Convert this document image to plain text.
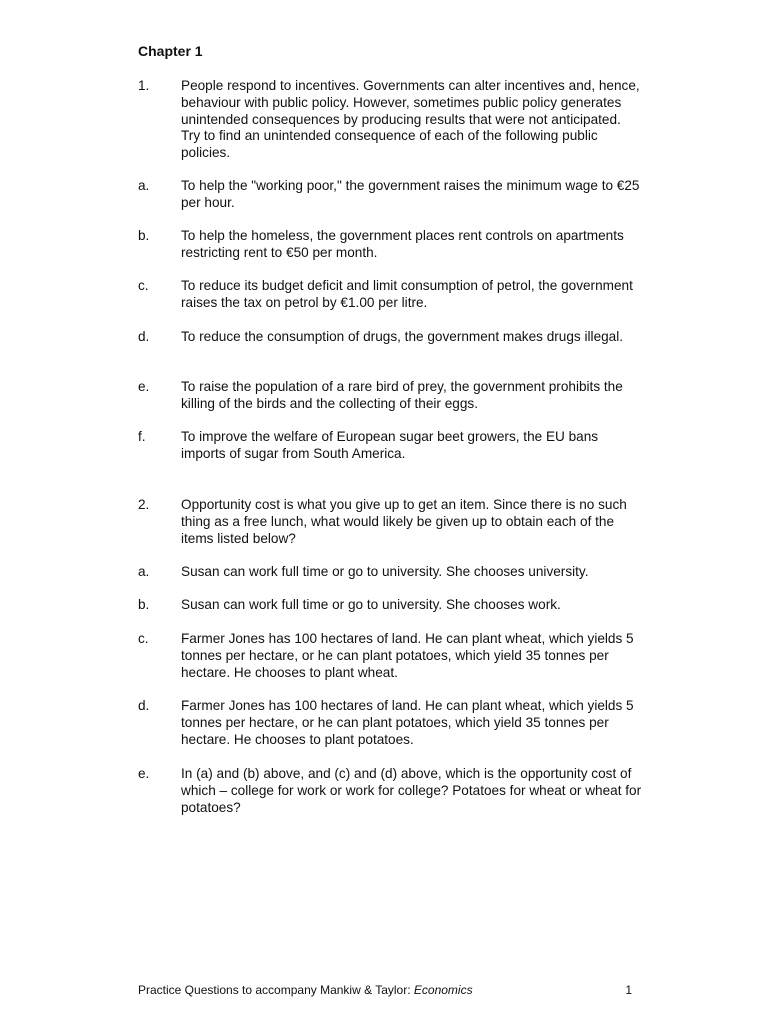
Chapter 1
1. People respond to incentives. Governments can alter incentives and, hence, behaviour with public policy. However, sometimes public policy generates unintended consequences by producing results that were not anticipated. Try to find an unintended consequence of each of the following public policies.
a. To help the "working poor," the government raises the minimum wage to €25 per hour.
b. To help the homeless, the government places rent controls on apartments restricting rent to €50 per month.
c. To reduce its budget deficit and limit consumption of petrol, the government raises the tax on petrol by €1.00 per litre.
d. To reduce the consumption of drugs, the government makes drugs illegal.
e. To raise the population of a rare bird of prey, the government prohibits the killing of the birds and the collecting of their eggs.
f.	To improve the welfare of European sugar beet growers, the EU bans imports of sugar from South America.
2. Opportunity cost is what you give up to get an item. Since there is no such   thing as a free lunch, what would likely be given up to obtain each of the items listed below?
a. Susan can work full time or go to university. She chooses university.
b. Susan can work full time or go to university. She chooses work.
c. Farmer Jones has 100 hectares of land. He can plant wheat, which yields 5 tonnes per hectare, or he can plant potatoes, which yield 35 tonnes per hectare. He chooses to plant wheat.
d. Farmer Jones has 100 hectares of land. He can plant wheat, which yields 5 tonnes per hectare, or he can plant potatoes, which yield 35 tonnes per hectare. He chooses to plant potatoes.
e. In (a) and (b) above, and (c) and (d) above, which is the opportunity cost of which – college for work or work for college? Potatoes for wheat or wheat for potatoes?
Practice Questions to accompany Mankiw & Taylor: Economics	1
